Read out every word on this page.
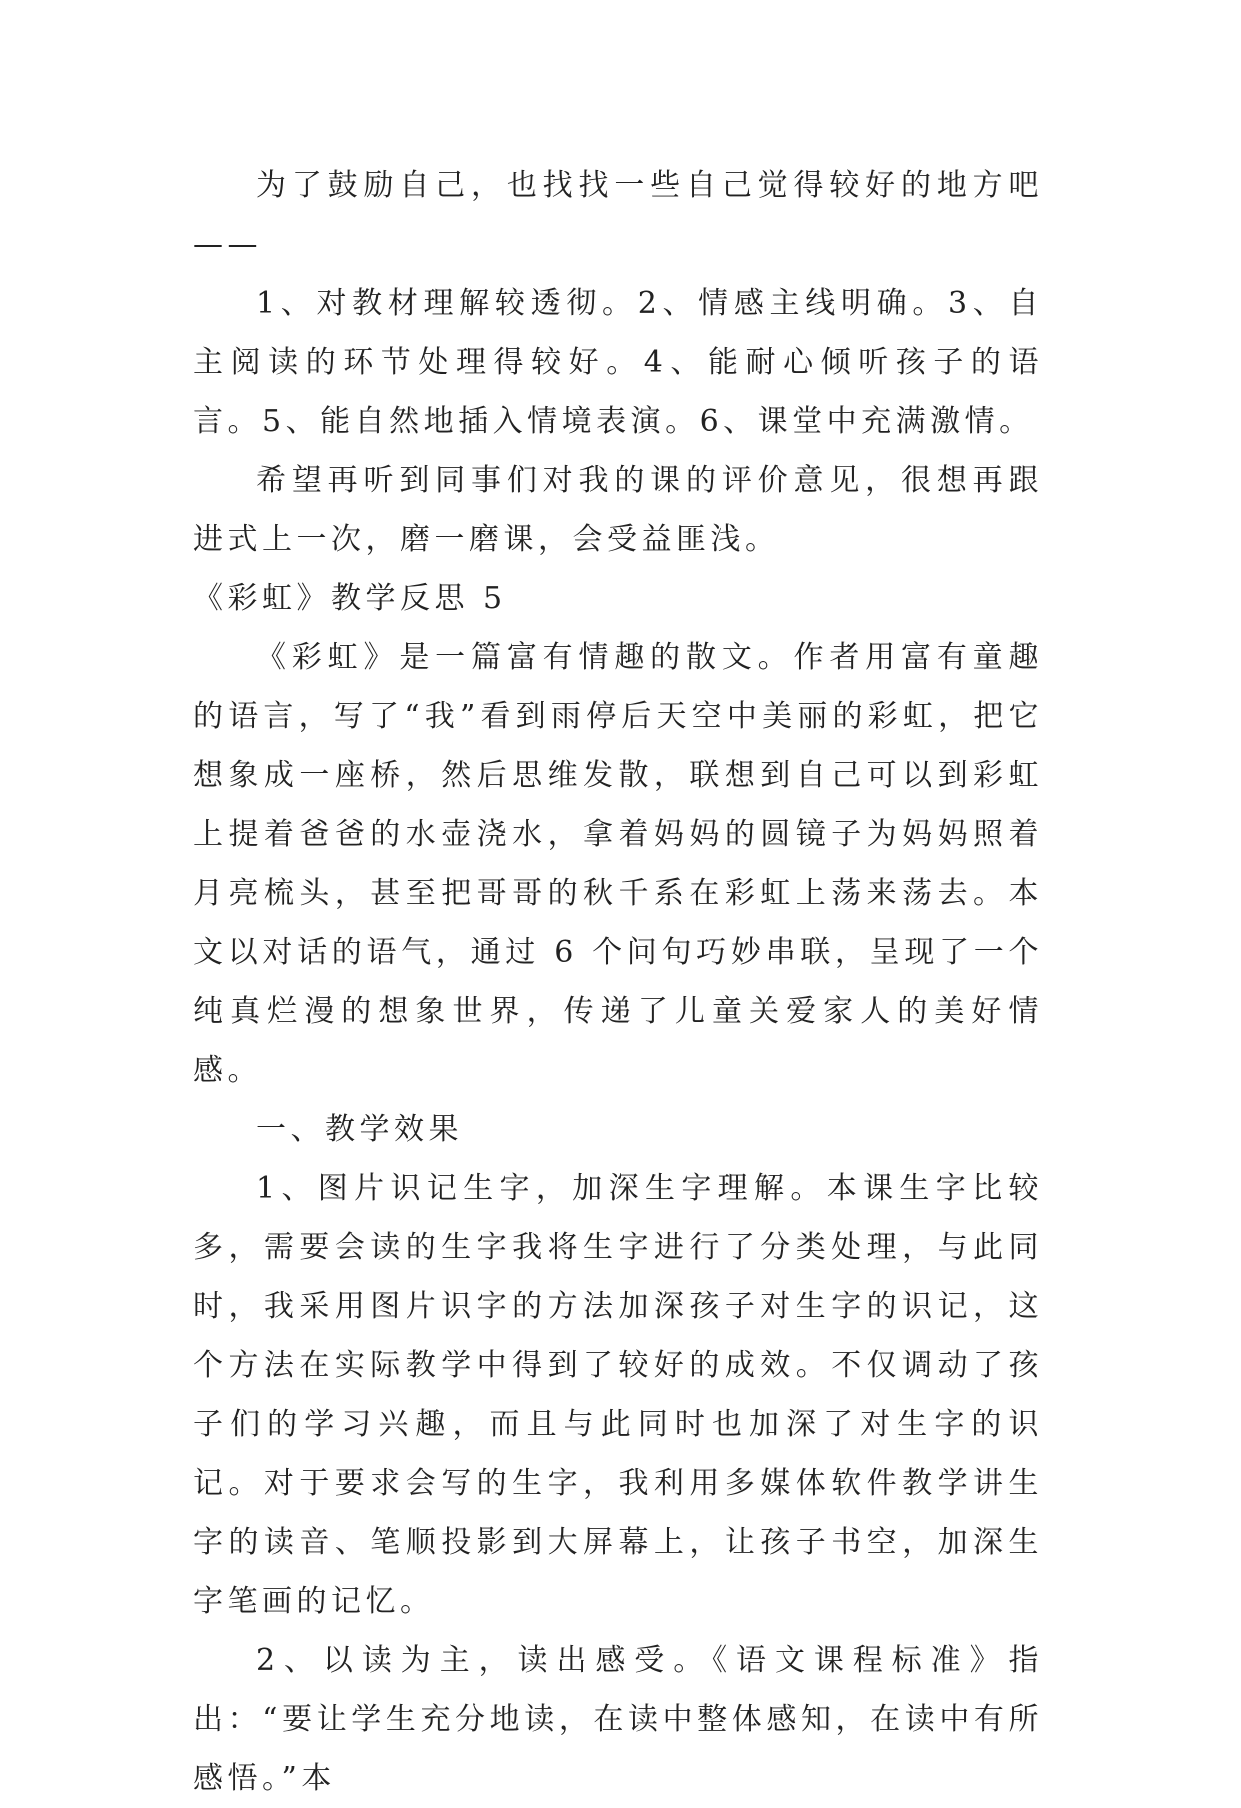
为了鼓励自己，也找找一些自己觉得较好的地方吧——

1、对教材理解较透彻。2、情感主线明确。3、自主阅读的环节处理得较好。4、能耐心倾听孩子的语言。5、能自然地插入情境表演。6、课堂中充满激情。

希望再听到同事们对我的课的评价意见，很想再跟进式上一次，磨一磨课，会受益匪浅。

《彩虹》教学反思 5

《彩虹》是一篇富有情趣的散文。作者用富有童趣的语言，写了“我”看到雨停后天空中美丽的彩虹，把它想象成一座桥，然后思维发散，联想到自己可以到彩虹上提着爸爸的水壶浇水，拿着妈妈的圆镜子为妈妈照着月亮梳头，甚至把哥哥的秋千系在彩虹上荡来荡去。本文以对话的语气，通过 6 个问句巧妙串联，呈现了一个纯真烂漫的想象世界，传递了儿童关爱家人的美好情感。

一、教学效果

1、图片识记生字，加深生字理解。本课生字比较多，需要会读的生字我将生字进行了分类处理，与此同时，我采用图片识字的方法加深孩子对生字的识记，这个方法在实际教学中得到了较好的成效。不仅调动了孩子们的学习兴趣，而且与此同时也加深了对生字的识记。对于要求会写的生字，我利用多媒体软件教学讲生字的读音、笔顺投影到大屏幕上，让孩子书空，加深生字笔画的记忆。

2、以读为主，读出感受。《语文课程标准》指出：“要让学生充分地读，在读中整体感知，在读中有所感悟。”本
